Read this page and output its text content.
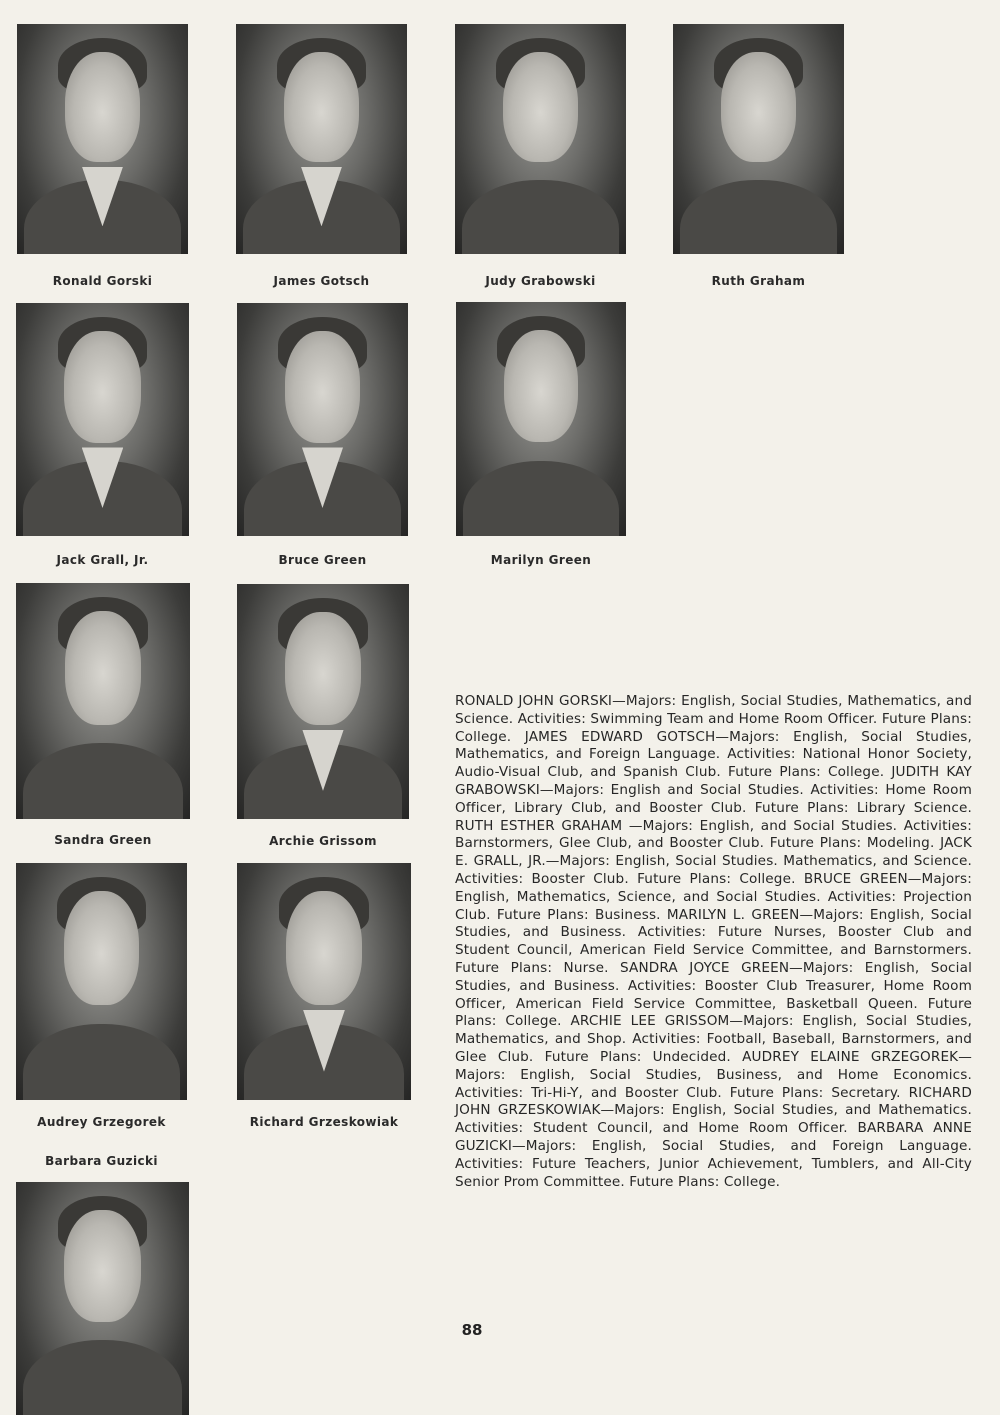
Ronald Gorski	James Gotsch	Judy Grabowski	Ruth Graham
Jack Grall, Jr.	Bruce Green	Marilyn Green
Sandra Green	Archie Grissom
Audrey Grzegorek	Richard Grzeskowiak
Barbara Guzicki
RONALD JOHN GORSKI—Majors: English, Social Studies, Mathematics, and Science. Activities: Swimming Team and Home Room Officer. Future Plans: College. JAMES EDWARD GOTSCH—Majors: English, Social Studies, Mathematics, and Foreign Language. Activities: National Honor Society, Audio-Visual Club, and Spanish Club. Future Plans: College. JUDITH KAY GRABOWSKI—Majors: English and Social Studies. Activities: Home Room Officer, Library Club, and Booster Club. Future Plans: Library Science. RUTH ESTHER GRAHAM —Majors: English, and Social Studies. Activities: Barnstormers, Glee Club, and Booster Club. Future Plans: Modeling. JACK E. GRALL, JR.—Majors: English, Social Studies. Mathematics, and Science. Activities: Booster Club. Future Plans: College. BRUCE GREEN—Majors: English, Mathematics, Science, and Social Studies. Activities: Projection Club. Future Plans: Business. MARILYN L. GREEN—Majors: English, Social Studies, and Business. Activities: Future Nurses, Booster Club and Student Council, American Field Service Committee, and Barnstormers. Future Plans: Nurse. SANDRA JOYCE GREEN—Majors: English, Social Studies, and Business. Activities: Booster Club Treasurer, Home Room Officer, American Field Service Committee, Basketball Queen. Future Plans: College. ARCHIE LEE GRISSOM—Majors: English, Social Studies, Mathematics, and Shop. Activities: Football, Baseball, Barnstormers, and Glee Club. Future Plans: Undecided. AUDREY ELAINE GRZEGOREK—Majors: English, Social Studies, Business, and Home Economics. Activities: Tri-Hi-Y, and Booster Club. Future Plans: Secretary. RICHARD JOHN GRZESKOWIAK—Majors: English, Social Studies, and Mathematics. Activities: Student Council, and Home Room Officer. BARBARA ANNE GUZICKI—Majors: English, Social Studies, and Foreign Language. Activities: Future Teachers, Junior Achievement, Tumblers, and All-City Senior Prom Committee. Future Plans: College.
88
